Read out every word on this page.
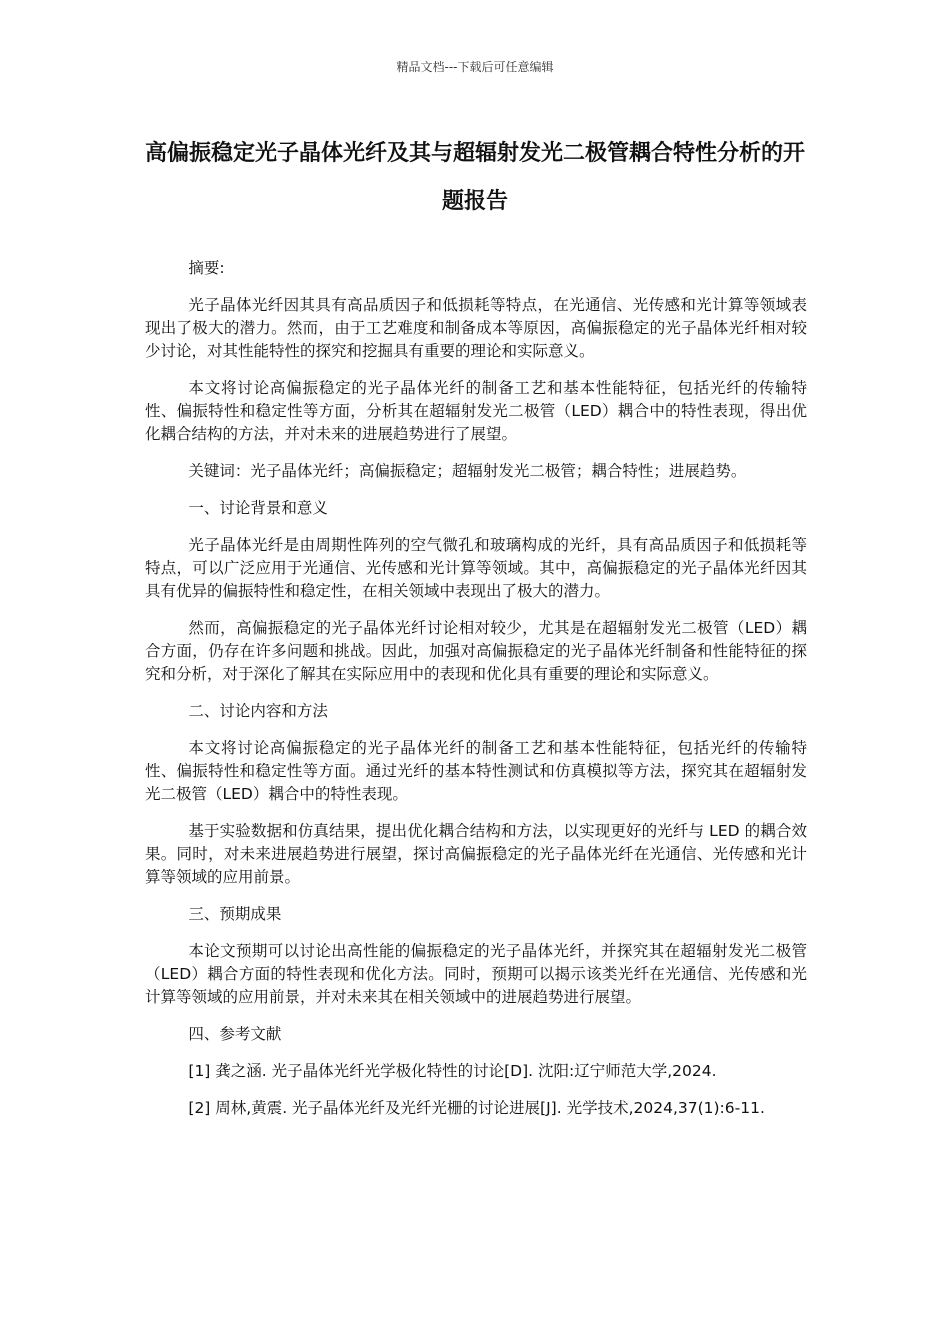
精品文档---下载后可任意编辑
高偏振稳定光子晶体光纤及其与超辐射发光二极管耦合特性分析的开题报告

摘要:

光子晶体光纤因其具有高品质因子和低损耗等特点，在光通信、光传感和光计算等领域表现出了极大的潜力。然而，由于工艺难度和制备成本等原因，高偏振稳定的光子晶体光纤相对较少讨论，对其性能特性的探究和挖掘具有重要的理论和实际意义。

本文将讨论高偏振稳定的光子晶体光纤的制备工艺和基本性能特征，包括光纤的传输特性、偏振特性和稳定性等方面，分析其在超辐射发光二极管（LED）耦合中的特性表现，得出优化耦合结构的方法，并对未来的进展趋势进行了展望。

关键词：光子晶体光纤；高偏振稳定；超辐射发光二极管；耦合特性；进展趋势。

一、讨论背景和意义

光子晶体光纤是由周期性阵列的空气微孔和玻璃构成的光纤，具有高品质因子和低损耗等特点，可以广泛应用于光通信、光传感和光计算等领域。其中，高偏振稳定的光子晶体光纤因其具有优异的偏振特性和稳定性，在相关领域中表现出了极大的潜力。

然而，高偏振稳定的光子晶体光纤讨论相对较少，尤其是在超辐射发光二极管（LED）耦合方面，仍存在许多问题和挑战。因此，加强对高偏振稳定的光子晶体光纤制备和性能特征的探究和分析，对于深化了解其在实际应用中的表现和优化具有重要的理论和实际意义。

二、讨论内容和方法

本文将讨论高偏振稳定的光子晶体光纤的制备工艺和基本性能特征，包括光纤的传输特性、偏振特性和稳定性等方面。通过光纤的基本特性测试和仿真模拟等方法，探究其在超辐射发光二极管（LED）耦合中的特性表现。

基于实验数据和仿真结果，提出优化耦合结构和方法，以实现更好的光纤与 LED 的耦合效果。同时，对未来进展趋势进行展望，探讨高偏振稳定的光子晶体光纤在光通信、光传感和光计算等领域的应用前景。

三、预期成果

本论文预期可以讨论出高性能的偏振稳定的光子晶体光纤，并探究其在超辐射发光二极管（LED）耦合方面的特性表现和优化方法。同时，预期可以揭示该类光纤在光通信、光传感和光计算等领域的应用前景，并对未来其在相关领域中的进展趋势进行展望。

四、参考文献

[1] 龚之涵. 光子晶体光纤光学极化特性的讨论[D]. 沈阳:辽宁师范大学,2024.

[2] 周林,黄震. 光子晶体光纤及光纤光栅的讨论进展[J]. 光学技术,2024,37(1):6-11.
